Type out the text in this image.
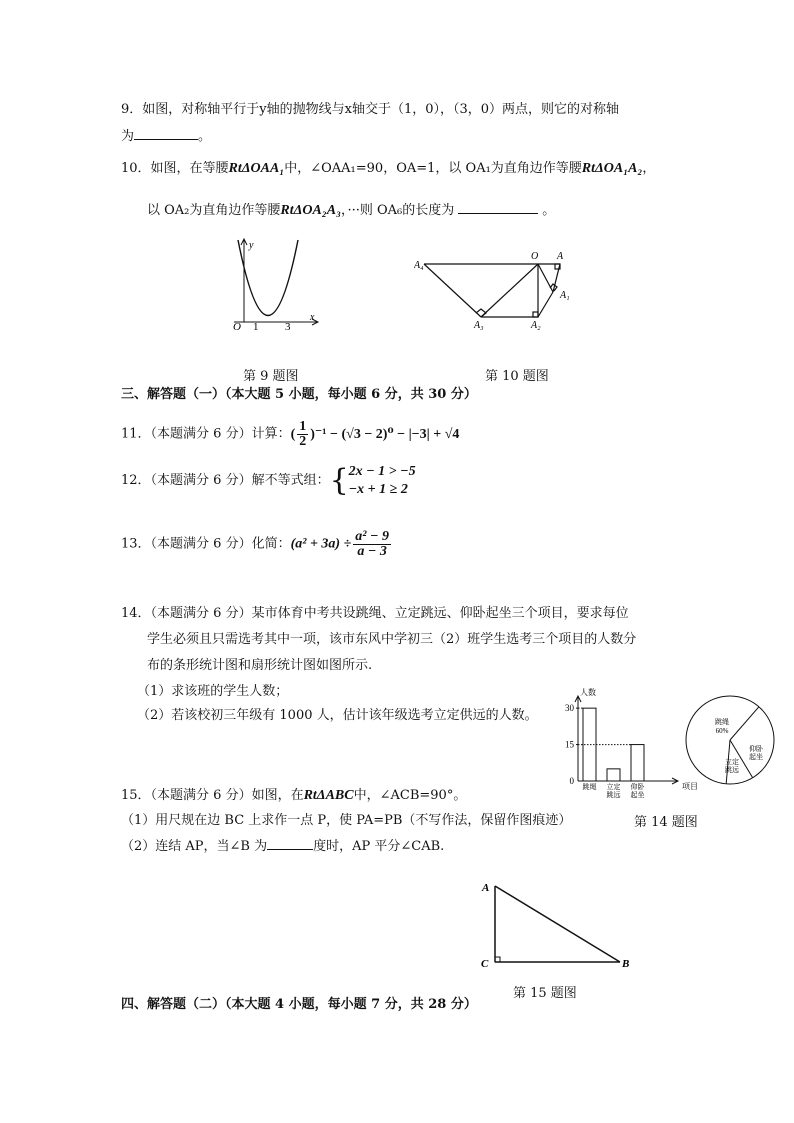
9．如图，对称轴平行于y轴的抛物线与x轴交于（1，0），（3，0）两点，则它的对称轴
为	。
10．如图，在等腰RtΔOAA₁中，∠OAA₁=90，OA=1，以 OA₁为直角边作等腰RtΔOA₁A₂，
以 OA₂为直角边作等腰RtΔOA₂A₃，···则 OA₆的长度为	。
y
x
O 1 3
第 9 题图
A₄
O A
A₁
A₂
A₃
第 10 题图
三、解答题（一）（本大题 5 小题，每小题 6 分，共 30 分）
11．（本题满分 6 分）计算：( $\frac{1}{2} )^{-1} - (√3 - 2)^0 - |-3| + √4$
12．（本题满分 6 分）解不等式组：{ 2x − 1 > −5
−x + 1 ≥ 2
13．（本题满分 6 分）化简：$(a^2 + 3a) \div \frac{\text{a² − 9}}{a - 3}$
14．（本题满分 6 分）某市体育中考共设跳绳、立定跳远、仰卧起坐三个项目，要求每位
学生必须且只需选考其中一项，该市东风中学初三（2）班学生选考三个项目的人数分
布的条形统计图和扇形统计图如图所示.
（1）求该班的学生人数；
（2）若该校初三年级有 1000 人，估计该年级选考立定供远的人数。
人数
项目
0
15
30
跳绳 立定
跳远
仰卧
起坐
跳绳
60%
仰卧
起坐
立定
跳远
第 14 题图
15．（本题满分 6 分）如图，在RtΔABC中，∠ACB=90°。
（1）用尺规在边 BC 上求作一点 P，使 PA=PB（不写作法，保留作图痕迹）
（2）连结 AP，当∠B 为	度时，AP 平分∠CAB.
A
C	B
第 15 题图
四、解答题（二）（本大题 4 小题，每小题 7 分，共 28 分）
